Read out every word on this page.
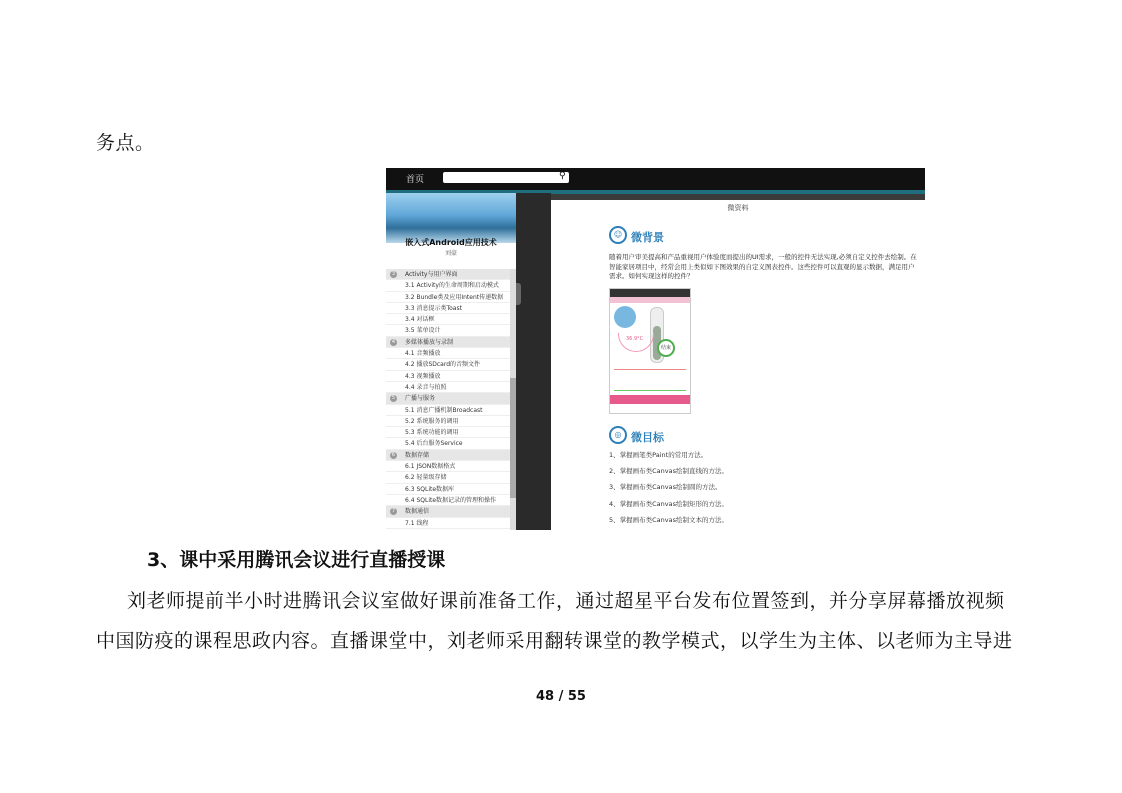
务点。
首页	⚲
嵌入式Android应用技术
刘豪
3	Activity与用户界面
3.1 Activity的生命周期和启动模式
3.2 Bundle类及应用Intent传递数据
3.3 消息提示类Toast
3.4 对话框
3.5 菜单设计
4	多媒体播放与录制
4.1 音频播放
4.2 播放SDcard的音频文件
4.3 视频播放
4.4 录音与拍照
5	广播与服务
5.1 消息广播机制Broadcast
5.2 系统服务的调用
5.3 系统功能的调用
5.4 后台服务Service
6	数据存储
6.1 JSON数据格式
6.2 轻量级存储
6.3 SQLite数据库
6.4 SQLite数据记录的管理和操作
7	数据通信
7.1 线程
微资料
☺ 微背景
随着用户审美提高和产品重视用户体验度而提出的UI需求，一般的控件无法实现,必须自定义控件去绘制。在智能家居项目中，经常会用上类似如下图效果的自定义图表控件。这些控件可以直观的显示数据，满足用户需求。如何实现这样的控件？
36.9°C
结束
◎ 微目标
1、掌握画笔类Paint的常用方法。
2、掌握画布类Canvas绘制直线的方法。
3、掌握画布类Canvas绘制圆的方法。
4、掌握画布类Canvas绘制矩形的方法。
5、掌握画布类Canvas绘制文本的方法。
3、课中采用腾讯会议进行直播授课
刘老师提前半小时进腾讯会议室做好课前准备工作，通过超星平台发布位置签到，并分享屏幕播放视频
中国防疫的课程思政内容。直播课堂中，刘老师采用翻转课堂的教学模式，以学生为主体、以老师为主导进
48 / 55
